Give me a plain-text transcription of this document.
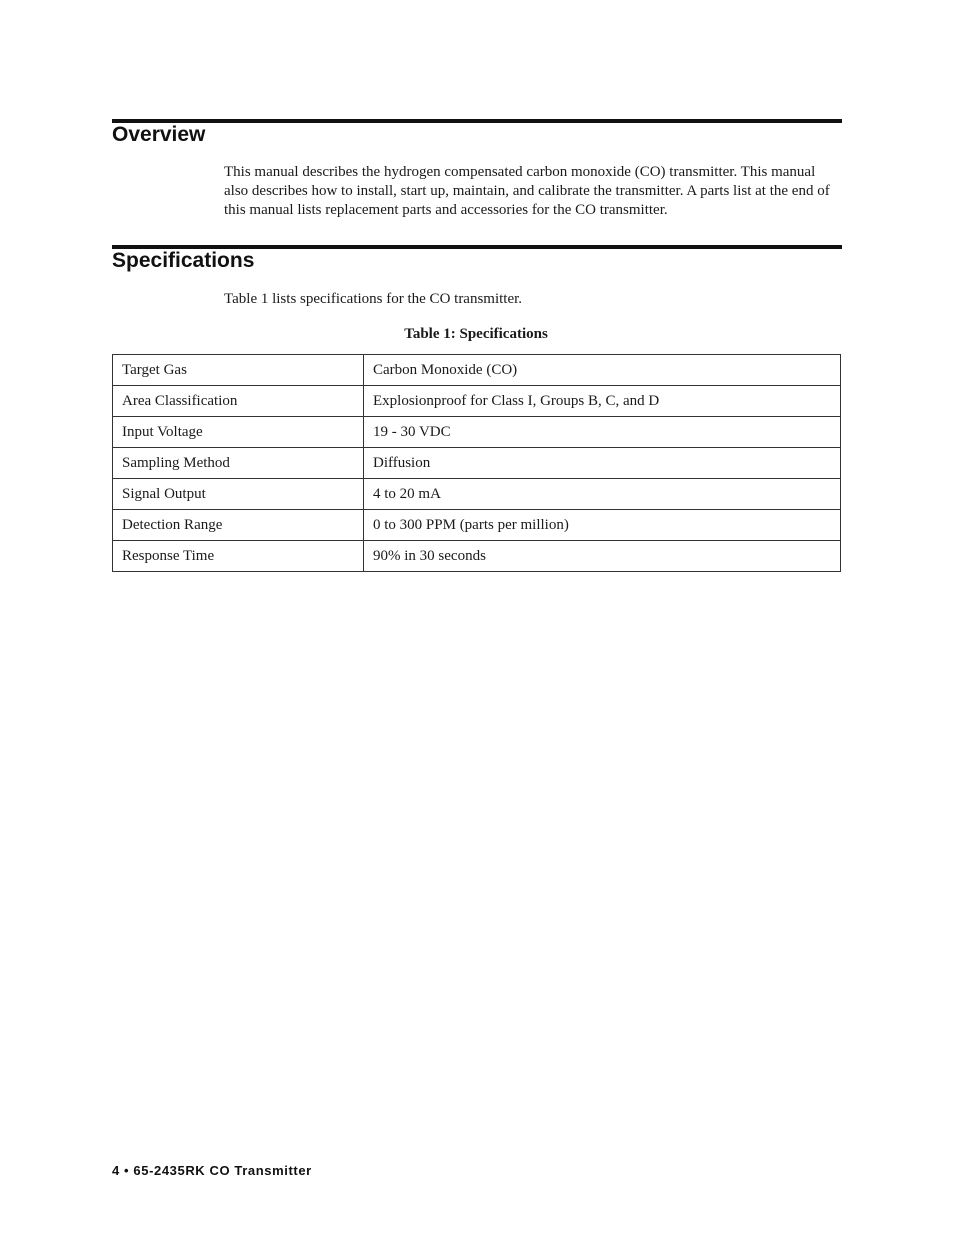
Overview

This manual describes the hydrogen compensated carbon monoxide (CO) transmitter. This manual also describes how to install, start up, maintain, and calibrate the transmitter. A parts list at the end of this manual lists replacement parts and accessories for the CO transmitter.

Specifications

Table 1 lists specifications for the CO transmitter.

Table 1: Specifications

Target Gas	Carbon Monoxide (CO)
Area Classification	Explosionproof for Class I, Groups B, C, and D
Input Voltage	19 - 30 VDC
Sampling Method	Diffusion
Signal Output	4 to 20 mA
Detection Range	0 to 300 PPM (parts per million)
Response Time	90% in 30 seconds

4 • 65-2435RK CO Transmitter
